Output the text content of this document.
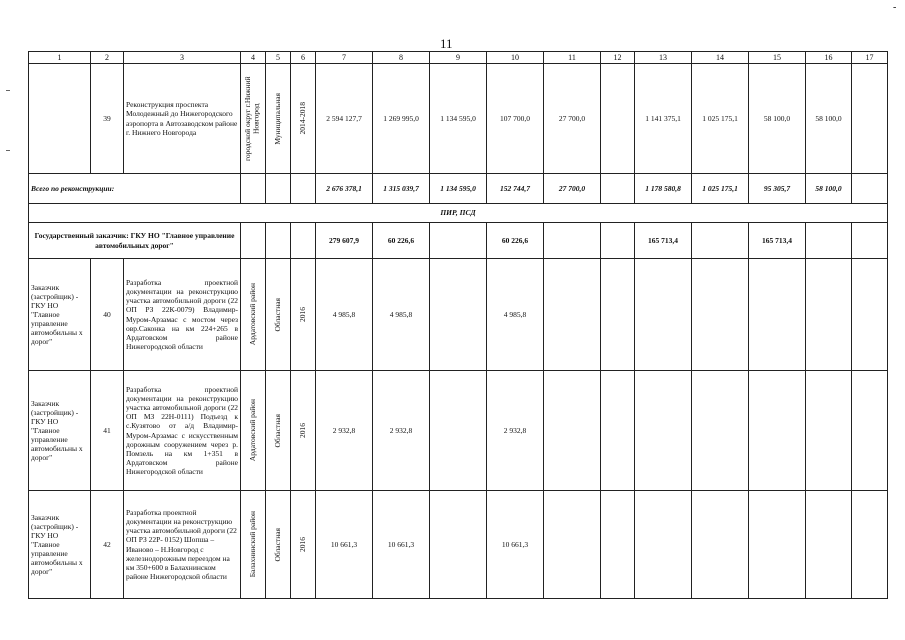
11
-
1	2	3	4	5	6	7	8	9	10	11	12	13	14	15	16	17
	39	Реконструкция проспекта Молодежный до Нижегородского аэропорта в Автозаводском районе г. Нижнего Новгорода	городской округ г.Нижний Новгород	Муниципальная	2014-2018	2 594 127,7	1 269 995,0	1 134 595,0	107 700,0	27 700,0		1 141 375,1	1 025 175,1	58 100,0	58 100,0	
Всего по реконструкции:						2 676 378,1	1 315 039,7	1 134 595,0	152 744,7	27 700,0		1 178 580,8	1 025 175,1	95 305,7	58 100,0	
ПИР, ПСД																
Государственный заказчик: ГКУ НО "Главное управление автомобильных дорог"						279 607,9	60 226,6		60 226,6			165 713,4		165 713,4		
Заказчик (застройщик) - ГКУ НО "Главное управление автомобильны х дорог"	40	Разработка проектной документации на реконструкцию участка автомобильной дороги (22 ОП РЗ 22К-0079) Владимир-Муром-Арзамас с мостом через овр.Саконка на км 224+265 в Ардатовском районе Нижегородской области	Ардатовский район	Областная	2016	4 985,8	4 985,8		4 985,8							
Заказчик (застройщик) - ГКУ НО "Главное управление автомобильны х дорог"	41	Разработка проектной документации на реконструкцию участка автомобильной дороги (22 ОП МЗ 22Н-0111) Подъезд к с.Кузятово от а/д Владимир-Муром-Арзамас с искусственным дорожным сооружением через р. Помзель на км 1+351 в Ардатовском районе Нижегородской области	Ардатовский район	Областная	2016	2 932,8	2 932,8		2 932,8							
Заказчик (застройщик) - ГКУ НО "Главное управление автомобильны х дорог"	42	Разработка проектной документации на реконструкцию участка автомобильной дороги (22 ОП РЗ 22Р- 0152) Шопша – Иваново – Н.Новгород с железнодорожным переездом на км 350+600 в Балахнинском районе Нижегородской области	Балахнинский район	Областная	2016	10 661,3	10 661,3		10 661,3							
